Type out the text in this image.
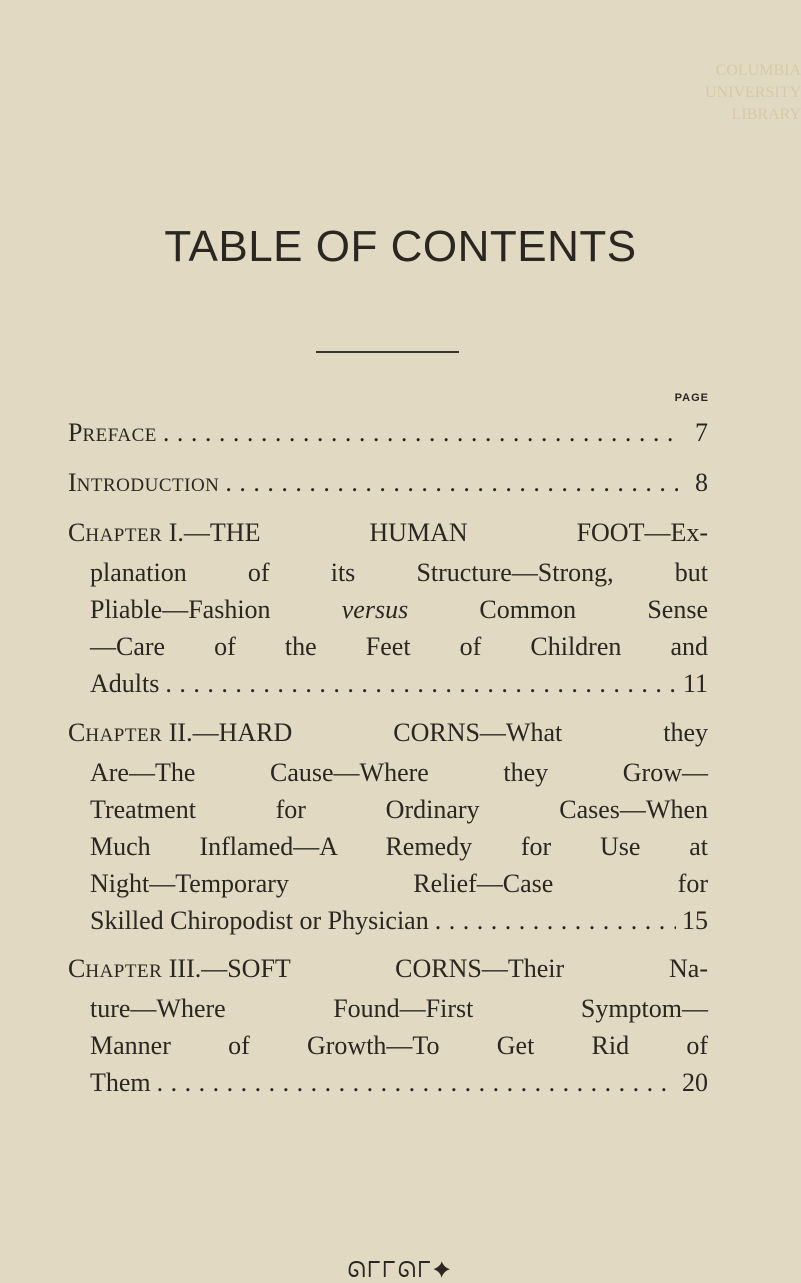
COLUMBIA
UNIVERSITY
LIBRARY
TABLE OF CONTENTS
PAGE
PREFACE . . .	7
INTRODUCTION . . .	8
CHAPTER
I.—THE HUMAN FOOT—Ex-
planation of its Structure—Strong, but
Pliable—Fashion versus Common Sense
—Care of the Feet of Children and
Adults . . .	11
CHAPTER
II.—HARD CORNS—What they
Are—The Cause—Where they Grow—
Treatment for Ordinary Cases—When
Much Inflamed—A Remedy for Use at
Night—Temporary Relief—Case for
Skilled Chiropodist or Physician . . .	15
CHAPTER
III.—SOFT CORNS—Their Na-
ture—Where Found—First Symptom—
Manner of Growth—To Get Rid of
Them . . .	20
ᘏᒥᒥᘏᒥ✦
